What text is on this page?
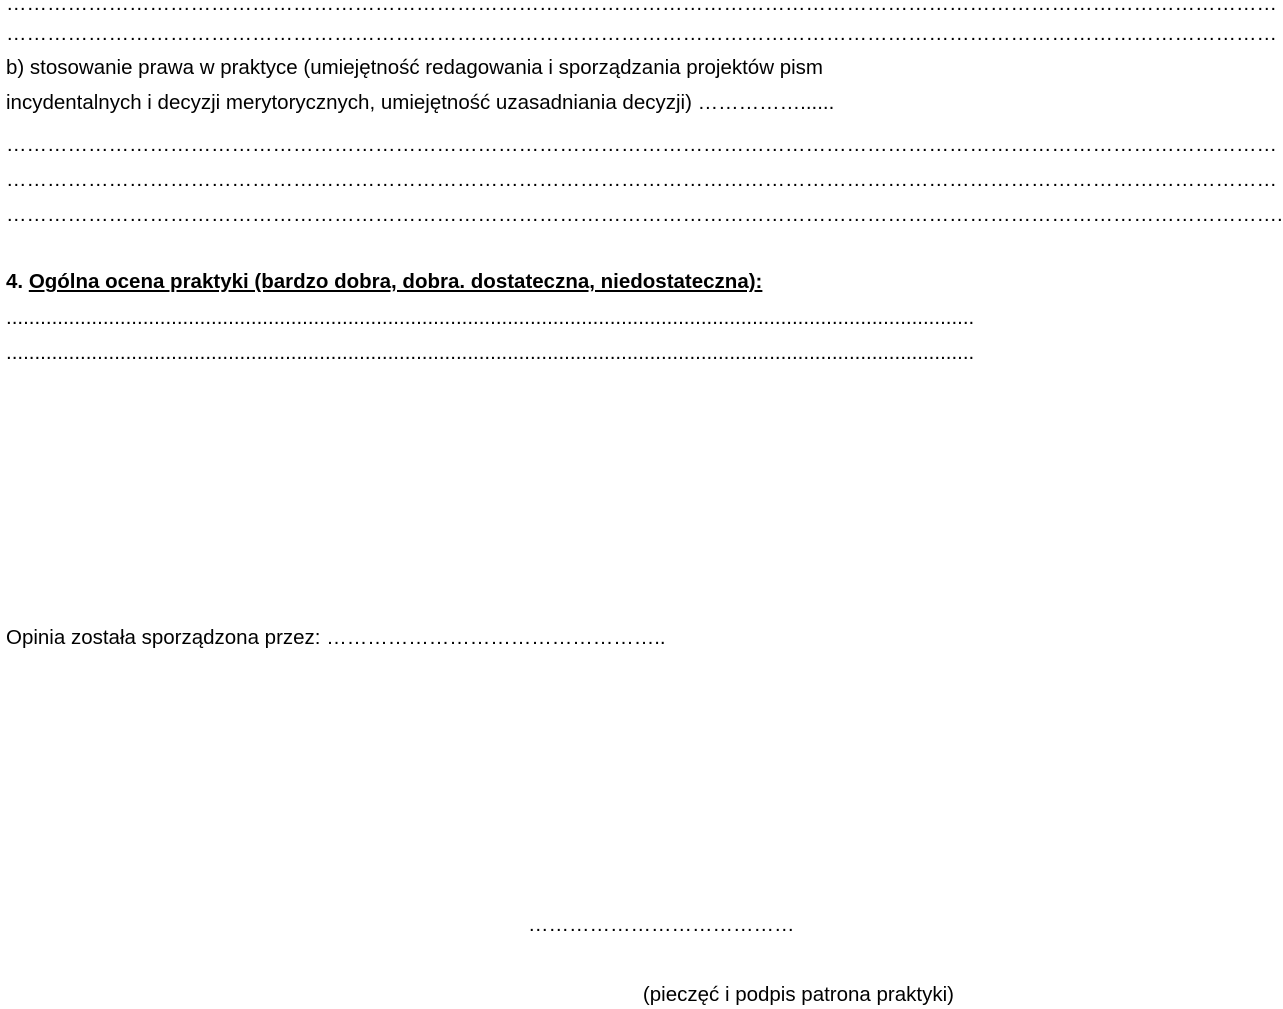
……………………………………………………………………………………………………………………………………………………………………
……………………………………………………………………………………………………………………………………………………………………
b) stosowanie prawa w praktyce (umiejętność redagowania i sporządzania projektów pism
incydentalnych i decyzji merytorycznych, umiejętność uzasadniania decyzji) ……………......
……………………………………………………………………………………………………………………………………………………………………
……………………………………………………………………………………………………………………………………………………………………
…………………………………………………………………………………………………………………………………………………………………….
4. Ogólna ocena praktyki (bardzo dobra, dobra. dostateczna, niedostateczna):
..........................................................................................................................................................................
..........................................................................................................................................................................
Opinia została sporządzona przez: …………………………………………..
…………………………………
(pieczęć i podpis patrona praktyki)
